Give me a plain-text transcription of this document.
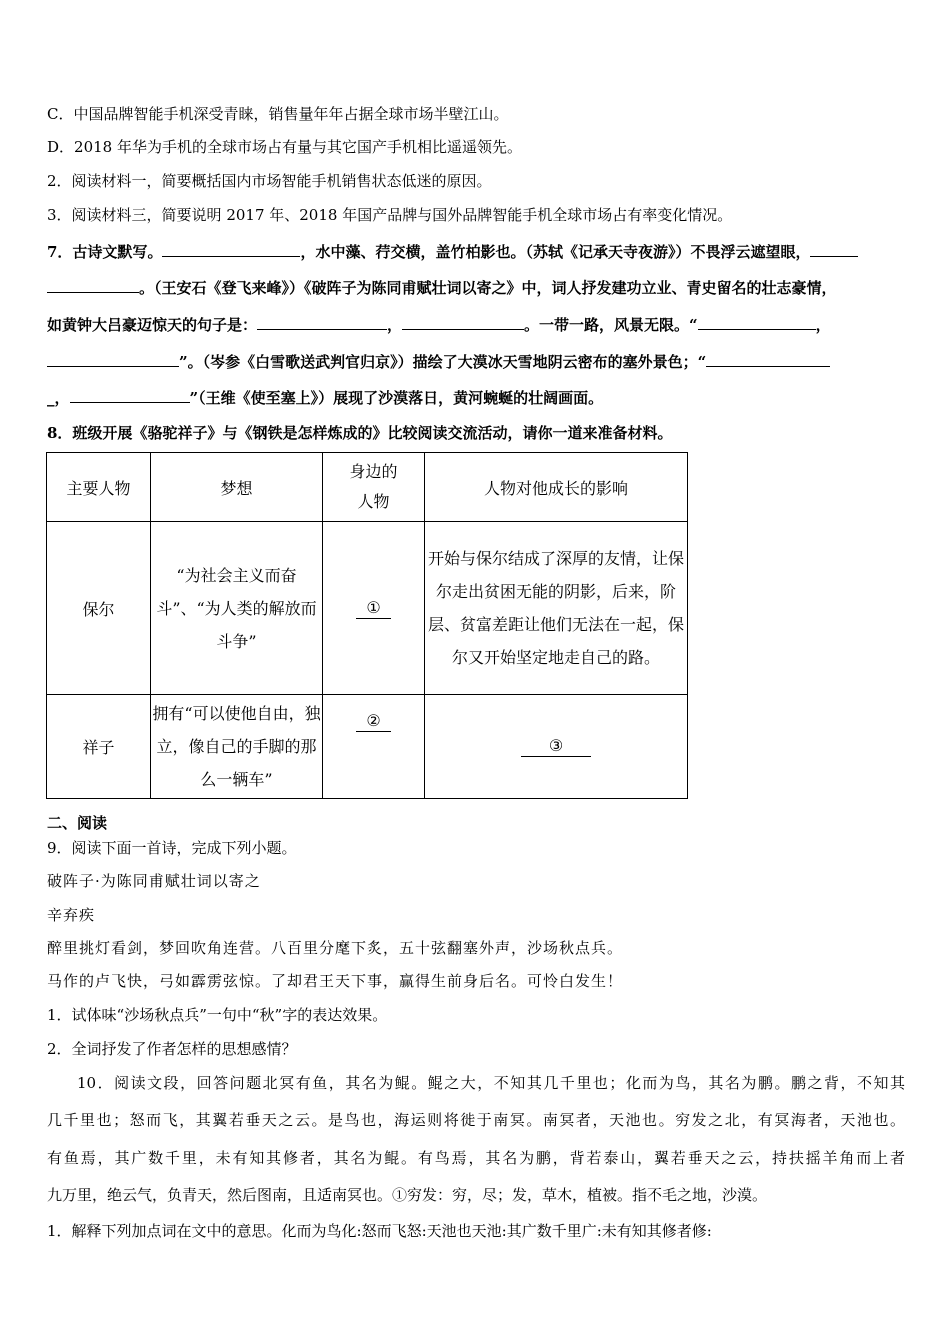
C．中国品牌智能手机深受青睐，销售量年年占据全球市场半壁江山。
D．2018 年华为手机的全球市场占有量与其它国产手机相比遥遥领先。
2．阅读材料一，简要概括国内市场智能手机销售状态低迷的原因。
3．阅读材料三，简要说明 2017 年、2018 年国产品牌与国外品牌智能手机全球市场占有率变化情况。
7．古诗文默写。	，水中藻、荇交横，盖竹柏影也。（苏轼《记承天寺夜游》）不畏浮云遮望眼，
。（王安石《登飞来峰》）《破阵子为陈同甫赋壮词以寄之》中，词人抒发建功立业、青史留名的壮志豪情，
如黄钟大吕豪迈惊天的句子是：	，	。一带一路，风景无限。“	，
”。（岑参《白雪歌送武判官归京》）描绘了大漠冰天雪地阴云密布的塞外景色；“
_，	”（王维《使至塞上》）展现了沙漠落日，黄河蜿蜒的壮阔画面。
8．班级开展《骆驼祥子》与《钢铁是怎样炼成的》比较阅读交流活动，请你一道来准备材料。
主要人物	梦想	身边的人物	人物对他成长的影响
保尔	“为社会主义而奋斗”、“为人类的解放而斗争”	①	开始与保尔结成了深厚的友情，让保尔走出贫困无能的阴影，后来，阶层、贫富差距让他们无法在一起，保尔又开始坚定地走自己的路。
祥子	拥有“可以使他自由，独立，像自己的手脚的那么一辆车”	②	③
二、阅读
9．阅读下面一首诗，完成下列小题。
破阵子·为陈同甫赋壮词以寄之
辛弃疾
醉里挑灯看剑，梦回吹角连营。八百里分麾下炙，五十弦翻塞外声，沙场秋点兵。
马作的卢飞快，弓如霹雳弦惊。了却君王天下事，赢得生前身后名。可怜白发生！
1．试体味“沙场秋点兵”一句中“秋”字的表达效果。
2．全词抒发了作者怎样的思想感情？
10．阅读文段，回答问题北冥有鱼，其名为鲲。鲲之大，不知其几千里也；化而为鸟，其名为鹏。鹏之背，不知其
几千里也；怒而飞，其翼若垂天之云。是鸟也，海运则将徙于南冥。南冥者，天池也。穷发之北，有冥海者，天池也。
有鱼焉，其广数千里，未有知其修者，其名为鲲。有鸟焉，其名为鹏，背若泰山，翼若垂天之云，持扶摇羊角而上者
九万里，绝云气，负青天，然后图南，且适南冥也。①穷发：穷，尽；发，草木，植被。指不毛之地，沙漠。
1．解释下列加点词在文中的意思。化而为鸟化:怒而飞怒:天池也天池:其广数千里广:未有知其修者修:
